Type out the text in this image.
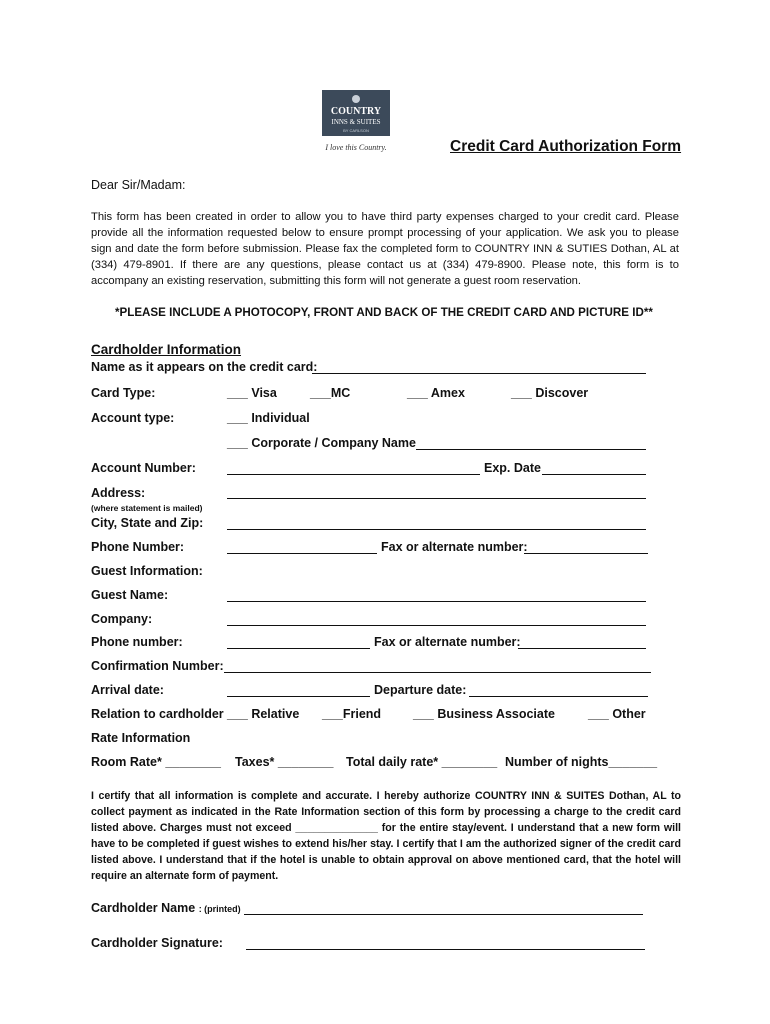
COUNTRY
INNS & SUITES
BY CARLSON
I love this Country.	Credit Card Authorization Form
Dear Sir/Madam:
This form has been created in order to allow you to have third party expenses charged to your credit card. Please provide all the information requested below to ensure prompt processing of your application. We ask you to please sign and date the form before submission. Please fax the completed form to COUNTRY INN & SUTIES Dothan, AL at (334) 479-8901. If there are any questions, please contact us at (334) 479-8900. Please note, this form is to accompany an existing reservation, submitting this form will not generate a guest room reservation.
*PLEASE INCLUDE A PHOTOCOPY, FRONT AND BACK OF THE CREDIT CARD AND PICTURE ID**
Cardholder Information
Name as it appears on the credit card:
Card Type:	___ Visa	___MC	___ Amex	___ Discover
Account type:	___ Individual
___ Corporate / Company Name
Account Number:	Exp. Date
Address:
(where statement is mailed)
City, State and Zip:
Phone Number:	Fax or alternate number:
Guest Information:
Guest Name:
Company:
Phone number:	Fax or alternate number:
Confirmation Number:
Arrival date:	Departure date:
Relation to cardholder ___ Relative ___Friend	___ Business Associate	___ Other
Rate Information
Room Rate* ________ Taxes* ________ Total daily rate* ________ Number of nights_______
I certify that all information is complete and accurate. I hereby authorize COUNTRY INN & SUITES Dothan, AL to collect payment as indicated in the Rate Information section of this form by processing a charge to the credit card listed above. Charges must not exceed ______________ for the entire stay/event. I understand that a new form will have to be completed if guest wishes to extend his/her stay. I certify that I am the authorized signer of the credit card listed above. I understand that if the hotel is unable to obtain approval on above mentioned card, that the hotel will require an alternate form of payment.
Cardholder Name : (printed)
Cardholder Signature:
